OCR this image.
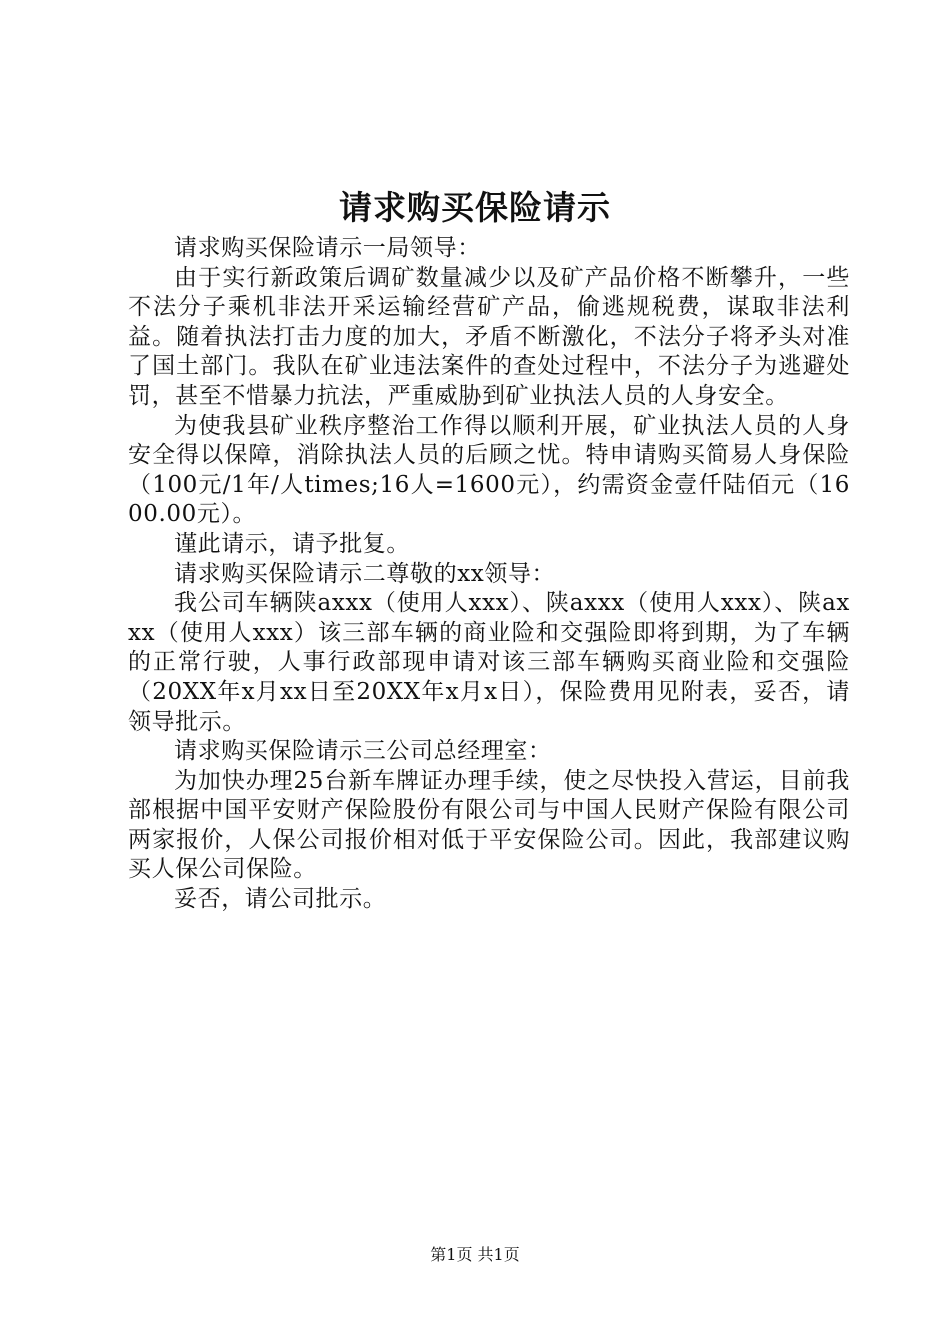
请求购买保险请示

请求购买保险请示一局领导：

由于实行新政策后调矿数量减少以及矿产品价格不断攀升，一些不法分子乘机非法开采运输经营矿产品，偷逃规税费，谋取非法利益。随着执法打击力度的加大，矛盾不断激化，不法分子将矛头对准了国土部门。我队在矿业违法案件的查处过程中，不法分子为逃避处罚，甚至不惜暴力抗法，严重威胁到矿业执法人员的人身安全。

为使我县矿业秩序整治工作得以顺利开展，矿业执法人员的人身安全得以保障，消除执法人员的后顾之忧。特申请购买简易人身保险（100元/1年/人times;16人=1600元），约需资金壹仟陆佰元（1600.00元）。

谨此请示，请予批复。

请求购买保险请示二尊敬的xx领导：

我公司车辆陕axxx（使用人xxx）、陕axxx（使用人xxx）、陕axxx（使用人xxx）该三部车辆的商业险和交强险即将到期，为了车辆的正常行驶，人事行政部现申请对该三部车辆购买商业险和交强险（20XX年x月xx日至20XX年x月x日），保险费用见附表，妥否，请领导批示。

请求购买保险请示三公司总经理室：

为加快办理25台新车牌证办理手续，使之尽快投入营运，目前我部根据中国平安财产保险股份有限公司与中国人民财产保险有限公司两家报价，人保公司报价相对低于平安保险公司。因此，我部建议购买人保公司保险。

妥否，请公司批示。

第1页 共1页
